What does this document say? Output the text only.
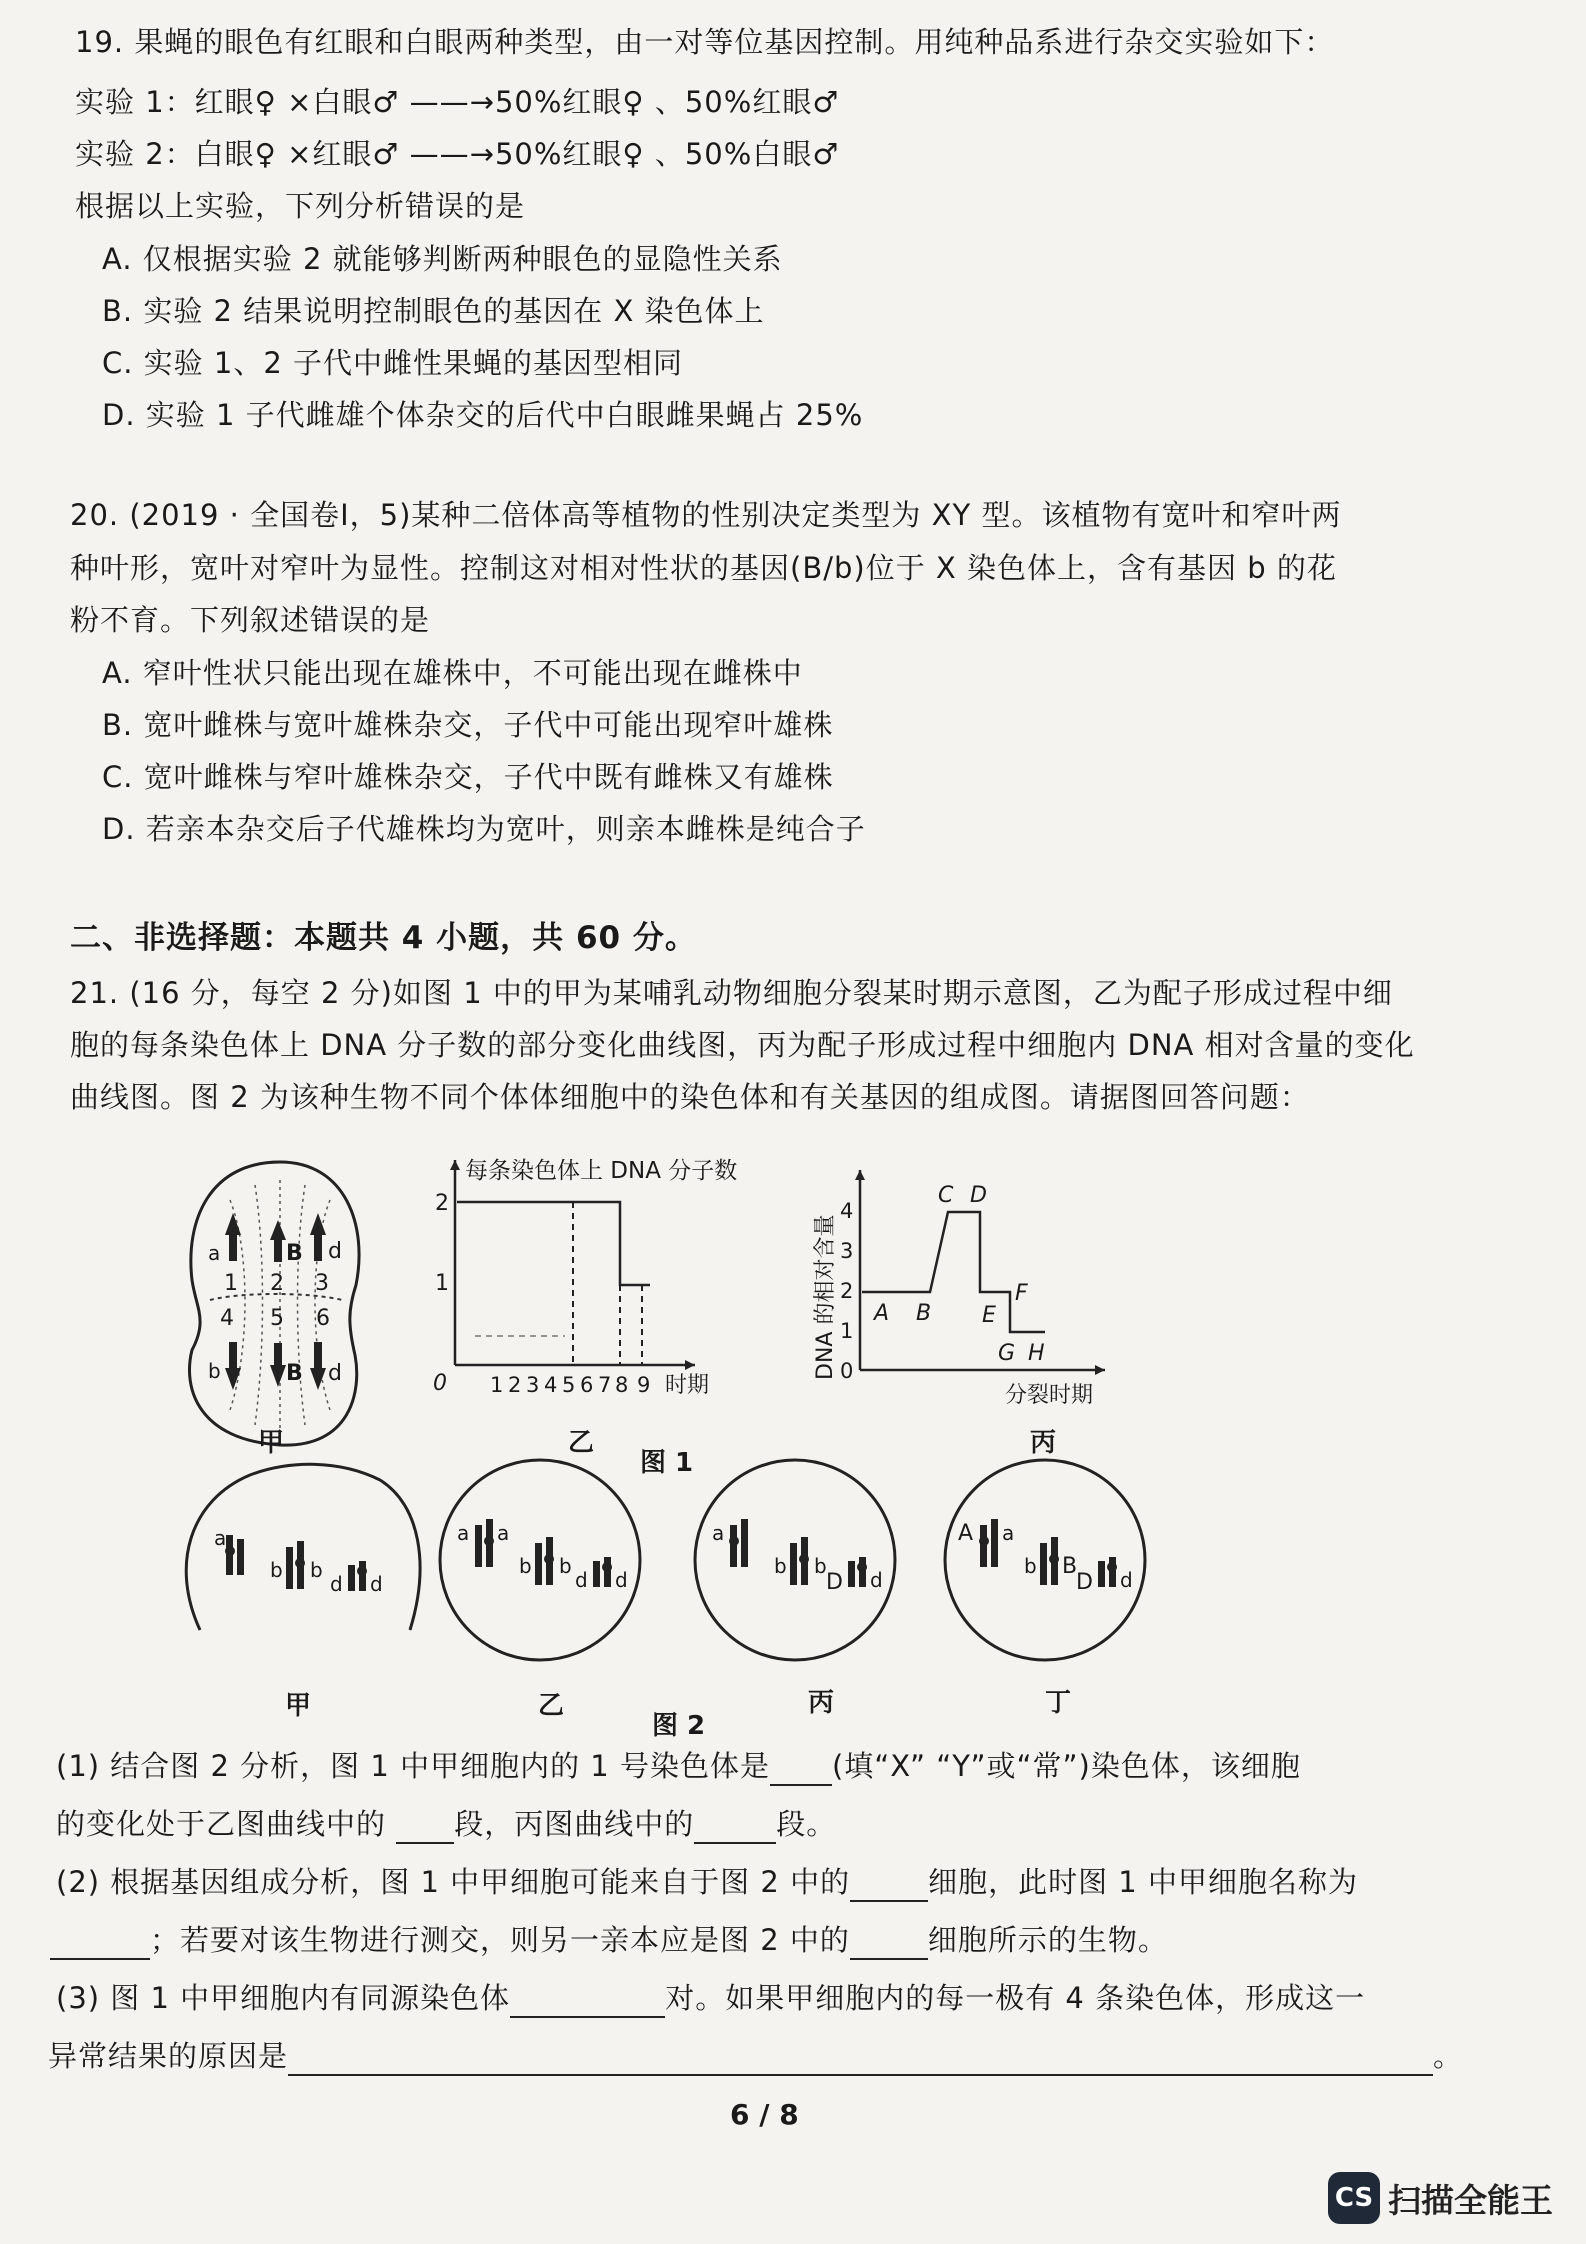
19. 果蝇的眼色有红眼和白眼两种类型，由一对等位基因控制。用纯种品系进行杂交实验如下：
实验 1：红眼♀ ×白眼♂ ——→50%红眼♀ 、50%红眼♂
实验 2：白眼♀ ×红眼♂ ——→50%红眼♀ 、50%白眼♂
根据以上实验，下列分析错误的是
A. 仅根据实验 2 就能够判断两种眼色的显隐性关系
B. 实验 2 结果说明控制眼色的基因在 X 染色体上
C. 实验 1、2 子代中雌性果蝇的基因型相同
D. 实验 1 子代雌雄个体杂交的后代中白眼雌果蝇占 25%
20. (2019 · 全国卷Ⅰ，5)某种二倍体高等植物的性别决定类型为 XY 型。该植物有宽叶和窄叶两
种叶形，宽叶对窄叶为显性。控制这对相对性状的基因(B/b)位于 X 染色体上，含有基因 b 的花
粉不育。下列叙述错误的是
A. 窄叶性状只能出现在雄株中，不可能出现在雌株中
B. 宽叶雌株与宽叶雄株杂交，子代中可能出现窄叶雄株
C. 宽叶雌株与窄叶雄株杂交，子代中既有雌株又有雄株
D. 若亲本杂交后子代雄株均为宽叶，则亲本雌株是纯合子
二、非选择题：本题共 4 小题，共 60 分。
21. (16 分，每空 2 分)如图 1 中的甲为某哺乳动物细胞分裂某时期示意图，乙为配子形成过程中细
胞的每条染色体上 DNA 分子数的部分变化曲线图，丙为配子形成过程中细胞内 DNA 相对含量的变化
曲线图。图 2 为该种生物不同个体体细胞中的染色体和有关基因的组成图。请据图回答问题：
a	B d
b	B d
1 2 3
4 5 6
每条染色体上 DNA 分子数
2
1
0 1 2 3 4 5 6 7 8 9 时期
DNA 的相对含量 0
1
2
3
4
A B
C D
E
F
G H
分裂时期
甲	乙	丙
图 1
a
b b
d d
a a
b b
d d
a
b b
D d
A a
b B
D d
甲	乙	丙	丁
图 2
(1) 结合图 2 分析，图 1 中甲细胞内的 1 号染色体是 (填“X” “Y”或“常”)染色体，该细胞
的变化处于乙图曲线中的 段，丙图曲线中的	段。
(2) 根据基因组成分析，图 1 中甲细胞可能来自于图 2 中的	细胞，此时图 1 中甲细胞名称为
；若要对该生物进行测交，则另一亲本应是图 2 中的	细胞所示的生物。
(3) 图 1 中甲细胞内有同源染色体	对。如果甲细胞内的每一极有 4 条染色体，形成这一
异常结果的原因是	。
6 / 8
CS 扫描全能王
